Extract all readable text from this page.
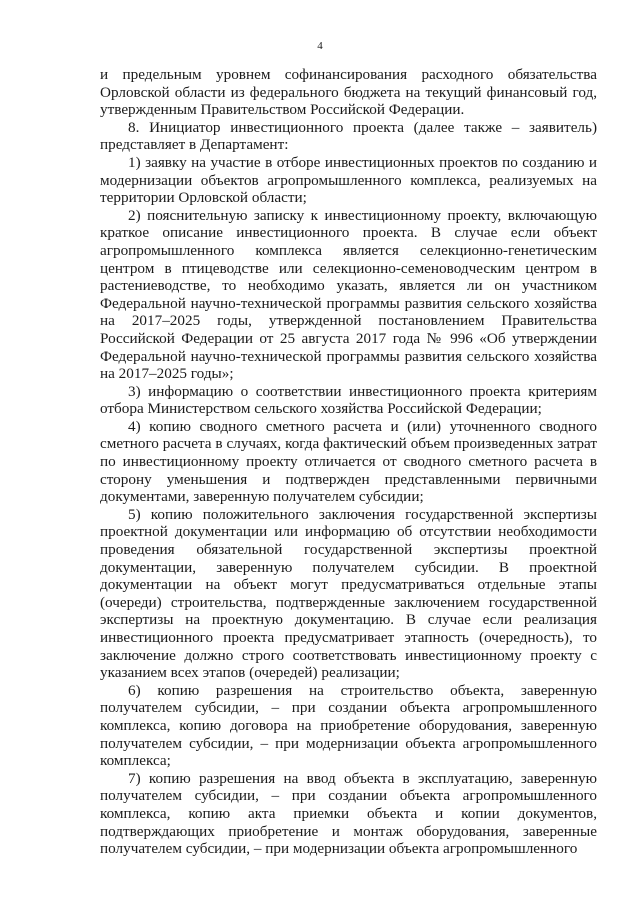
4

и предельным уровнем софинансирования расходного обязательства Орловской области из федерального бюджета на текущий финансовый год, утвержденным Правительством Российской Федерации.

8. Инициатор инвестиционного проекта (далее также – заявитель) представляет в Департамент:

1) заявку на участие в отборе инвестиционных проектов по созданию и модернизации объектов агропромышленного комплекса, реализуемых на территории Орловской области;

2) пояснительную записку к инвестиционному проекту, включающую краткое описание инвестиционного проекта. В случае если объект агропромышленного комплекса является селекционно-генетическим центром в птицеводстве или селекционно-семеноводческим центром в растениеводстве, то необходимо указать, является ли он участником Федеральной научно-технической программы развития сельского хозяйства на 2017–2025 годы, утвержденной постановлением Правительства Российской Федерации от 25 августа 2017 года № 996 «Об утверждении Федеральной научно-технической программы развития сельского хозяйства на 2017–2025 годы»;

3) информацию о соответствии инвестиционного проекта критериям отбора Министерством сельского хозяйства Российской Федерации;

4) копию сводного сметного расчета и (или) уточненного сводного сметного расчета в случаях, когда фактический объем произведенных затрат по инвестиционному проекту отличается от сводного сметного расчета в сторону уменьшения и подтвержден представленными первичными документами, заверенную получателем субсидии;

5) копию положительного заключения государственной экспертизы проектной документации или информацию об отсутствии необходимости проведения обязательной государственной экспертизы проектной документации, заверенную получателем субсидии. В проектной документации на объект могут предусматриваться отдельные этапы (очереди) строительства, подтвержденные заключением государственной экспертизы на проектную документацию. В случае если реализация инвестиционного проекта предусматривает этапность (очередность), то заключение должно строго соответствовать инвестиционному проекту с указанием всех этапов (очередей) реализации;

6) копию разрешения на строительство объекта, заверенную получателем субсидии, – при создании объекта агропромышленного комплекса, копию договора на приобретение оборудования, заверенную получателем субсидии, – при модернизации объекта агропромышленного комплекса;

7) копию разрешения на ввод объекта в эксплуатацию, заверенную получателем субсидии, – при создании объекта агропромышленного комплекса, копию акта приемки объекта и копии документов, подтверждающих приобретение и монтаж оборудования, заверенные получателем субсидии, – при модернизации объекта агропромышленного
